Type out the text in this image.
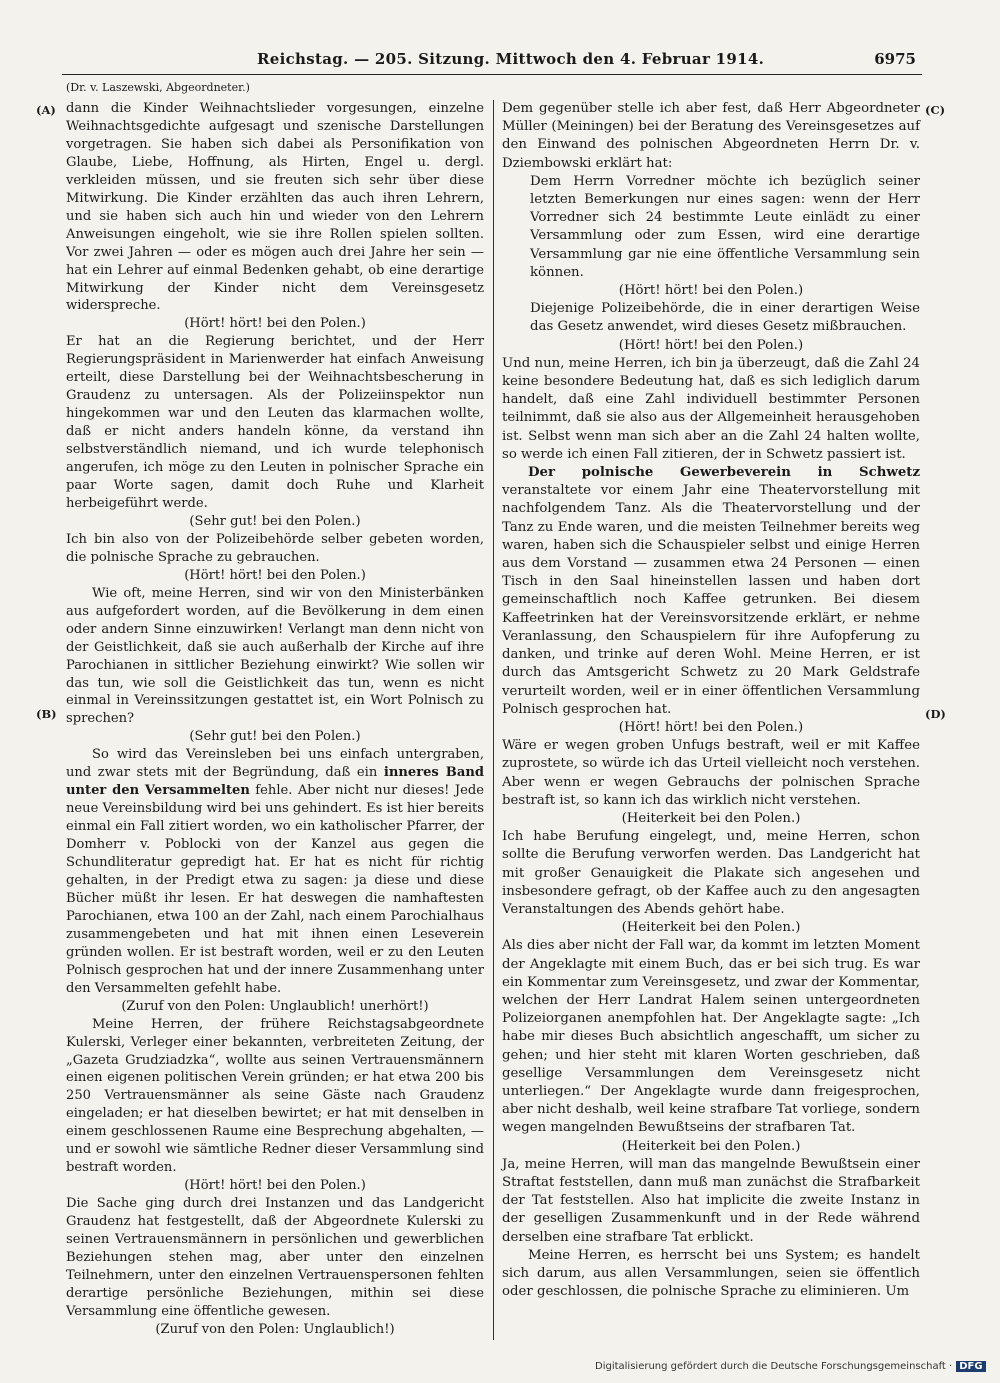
Reichstag. — 205. Sitzung. Mittwoch den 4. Februar 1914.	6975
(Dr. v. Laszewski, Abgeordneter.)
(A)
(B)
(C)
(D)

dann die Kinder Weihnachtslieder vorgesungen, einzelne Weihnachtsgedichte aufgesagt und szenische Darstellungen vorgetragen. Sie haben sich dabei als Personifikation von Glaube, Liebe, Hoffnung, als Hirten, Engel u. dergl. verkleiden müssen, und sie freuten sich sehr über diese Mitwirkung. Die Kinder erzählten das auch ihren Lehrern, und sie haben sich auch hin und wieder von den Lehrern Anweisungen eingeholt, wie sie ihre Rollen spielen sollten. Vor zwei Jahren — oder es mögen auch drei Jahre her sein — hat ein Lehrer auf einmal Bedenken gehabt, ob eine derartige Mitwirkung der Kinder nicht dem Vereinsgesetz widerspreche.

(Hört! hört! bei den Polen.)

Er hat an die Regierung berichtet, und der Herr Regierungspräsident in Marienwerder hat einfach Anweisung erteilt, diese Darstellung bei der Weihnachtsbescherung in Graudenz zu untersagen. Als der Polizeiinspektor nun hingekommen war und den Leuten das klarmachen wollte, daß er nicht anders handeln könne, da verstand ihn selbstverständlich niemand, und ich wurde telephonisch angerufen, ich möge zu den Leuten in polnischer Sprache ein paar Worte sagen, damit doch Ruhe und Klarheit herbeigeführt werde.

(Sehr gut! bei den Polen.)

Ich bin also von der Polizeibehörde selber gebeten worden, die polnische Sprache zu gebrauchen.

(Hört! hört! bei den Polen.)

Wie oft, meine Herren, sind wir von den Ministerbänken aus aufgefordert worden, auf die Bevölkerung in dem einen oder andern Sinne einzuwirken! Verlangt man denn nicht von der Geistlichkeit, daß sie auch außerhalb der Kirche auf ihre Parochianen in sittlicher Beziehung einwirkt? Wie sollen wir das tun, wie soll die Geistlichkeit das tun, wenn es nicht einmal in Vereinssitzungen gestattet ist, ein Wort Polnisch zu sprechen?

(Sehr gut! bei den Polen.)

So wird das Vereinsleben bei uns einfach untergraben, und zwar stets mit der Begründung, daß ein inneres Band unter den Versammelten fehle. Aber nicht nur dieses! Jede neue Vereinsbildung wird bei uns gehindert. Es ist hier bereits einmal ein Fall zitiert worden, wo ein katholischer Pfarrer, der Domherr v. Poblocki von der Kanzel aus gegen die Schundliteratur gepredigt hat. Er hat es nicht für richtig gehalten, in der Predigt etwa zu sagen: ja diese und diese Bücher müßt ihr lesen. Er hat deswegen die namhaftesten Parochianen, etwa 100 an der Zahl, nach einem Parochialhaus zusammengebeten und hat mit ihnen einen Leseverein gründen wollen. Er ist bestraft worden, weil er zu den Leuten Polnisch gesprochen hat und der innere Zusammenhang unter den Versammelten gefehlt habe.

(Zuruf von den Polen: Unglaublich! unerhört!)

Meine Herren, der frühere Reichstagsabgeordnete Kulerski, Verleger einer bekannten, verbreiteten Zeitung, der „Gazeta Grudziadzka“, wollte aus seinen Vertrauensmännern einen eigenen politischen Verein gründen; er hat etwa 200 bis 250 Vertrauensmänner als seine Gäste nach Graudenz eingeladen; er hat dieselben bewirtet; er hat mit denselben in einem geschlossenen Raume eine Besprechung abgehalten, — und er sowohl wie sämtliche Redner dieser Versammlung sind bestraft worden.

(Hört! hört! bei den Polen.)

Die Sache ging durch drei Instanzen und das Landgericht Graudenz hat festgestellt, daß der Abgeordnete Kulerski zu seinen Vertrauensmännern in persönlichen und gewerblichen Beziehungen stehen mag, aber unter den einzelnen Teilnehmern, unter den einzelnen Vertrauenspersonen fehlten derartige persönliche Beziehungen, mithin sei diese Versammlung eine öffentliche gewesen.

(Zuruf von den Polen: Unglaublich!)

Dem gegenüber stelle ich aber fest, daß Herr Abgeordneter Müller (Meiningen) bei der Beratung des Vereinsgesetzes auf den Einwand des polnischen Abgeordneten Herrn Dr. v. Dziembowski erklärt hat:

Dem Herrn Vorredner möchte ich bezüglich seiner letzten Bemerkungen nur eines sagen: wenn der Herr Vorredner sich 24 bestimmte Leute einlädt zu einer Versammlung oder zum Essen, wird eine derartige Versammlung gar nie eine öffentliche Versammlung sein können.

(Hört! hört! bei den Polen.)

Diejenige Polizeibehörde, die in einer derartigen Weise das Gesetz anwendet, wird dieses Gesetz mißbrauchen.

(Hört! hört! bei den Polen.)

Und nun, meine Herren, ich bin ja überzeugt, daß die Zahl 24 keine besondere Bedeutung hat, daß es sich lediglich darum handelt, daß eine Zahl individuell bestimmter Personen teilnimmt, daß sie also aus der Allgemeinheit herausgehoben ist. Selbst wenn man sich aber an die Zahl 24 halten wollte, so werde ich einen Fall zitieren, der in Schwetz passiert ist.

Der polnische Gewerbeverein in Schwetz veranstaltete vor einem Jahr eine Theatervorstellung mit nachfolgendem Tanz. Als die Theatervorstellung und der Tanz zu Ende waren, und die meisten Teilnehmer bereits weg waren, haben sich die Schauspieler selbst und einige Herren aus dem Vorstand — zusammen etwa 24 Personen — einen Tisch in den Saal hineinstellen lassen und haben dort gemeinschaftlich noch Kaffee getrunken. Bei diesem Kaffeetrinken hat der Vereinsvorsitzende erklärt, er nehme Veranlassung, den Schauspielern für ihre Aufopferung zu danken, und trinke auf deren Wohl. Meine Herren, er ist durch das Amtsgericht Schwetz zu 20 Mark Geldstrafe verurteilt worden, weil er in einer öffentlichen Versammlung Polnisch gesprochen hat.

(Hört! hört! bei den Polen.)

Wäre er wegen groben Unfugs bestraft, weil er mit Kaffee zuprostete, so würde ich das Urteil vielleicht noch verstehen. Aber wenn er wegen Gebrauchs der polnischen Sprache bestraft ist, so kann ich das wirklich nicht verstehen.

(Heiterkeit bei den Polen.)

Ich habe Berufung eingelegt, und, meine Herren, schon sollte die Berufung verworfen werden. Das Landgericht hat mit großer Genauigkeit die Plakate sich angesehen und insbesondere gefragt, ob der Kaffee auch zu den angesagten Veranstaltungen des Abends gehört habe.

(Heiterkeit bei den Polen.)

Als dies aber nicht der Fall war, da kommt im letzten Moment der Angeklagte mit einem Buch, das er bei sich trug. Es war ein Kommentar zum Vereinsgesetz, und zwar der Kommentar, welchen der Herr Landrat Halem seinen untergeordneten Polizeiorganen anempfohlen hat. Der Angeklagte sagte: „Ich habe mir dieses Buch absichtlich angeschafft, um sicher zu gehen; und hier steht mit klaren Worten geschrieben, daß gesellige Versammlungen dem Vereinsgesetz nicht unterliegen.“ Der Angeklagte wurde dann freigesprochen, aber nicht deshalb, weil keine strafbare Tat vorliege, sondern wegen mangelnden Bewußtseins der strafbaren Tat.

(Heiterkeit bei den Polen.)

Ja, meine Herren, will man das mangelnde Bewußtsein einer Straftat feststellen, dann muß man zunächst die Strafbarkeit der Tat feststellen. Also hat implicite die zweite Instanz in der geselligen Zusammenkunft und in der Rede während derselben eine strafbare Tat erblickt.

Meine Herren, es herrscht bei uns System; es handelt sich darum, aus allen Versammlungen, seien sie öffentlich oder geschlossen, die polnische Sprache zu eliminieren. Um

Digitalisierung gefördert durch die Deutsche Forschungsgemeinschaft · DFG
